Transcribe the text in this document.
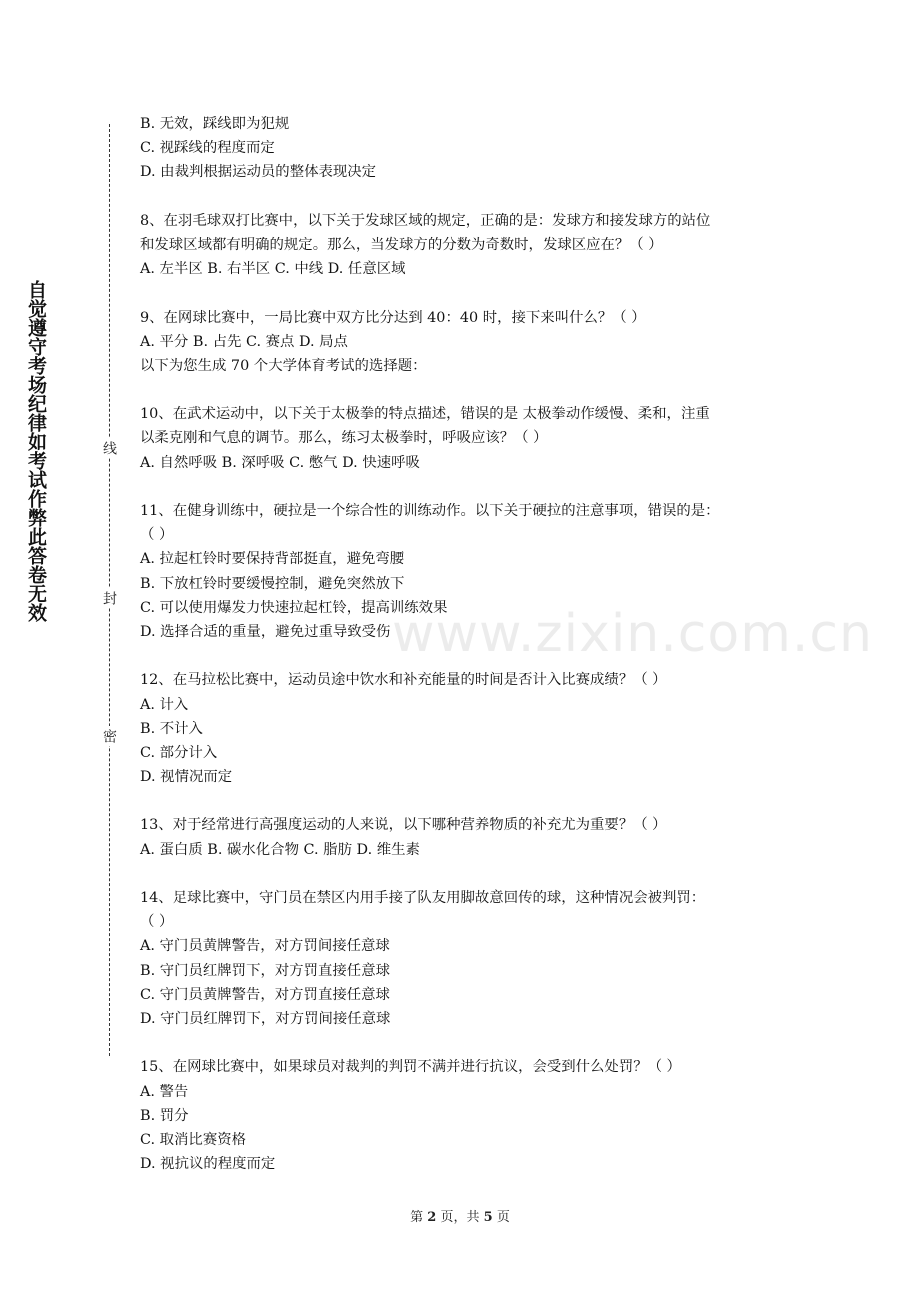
自觉遵守考场纪律如考试作弊此答卷无效	线
封
密
www.zixin.com.cn
B. 无效，踩线即为犯规
C. 视踩线的程度而定
D. 由裁判根据运动员的整体表现决定
8、在羽毛球双打比赛中，以下关于发球区域的规定，正确的是：发球方和接发球方的站位
和发球区域都有明确的规定。那么，当发球方的分数为奇数时，发球区应在？（ ）
A. 左半区 B. 右半区 C. 中线 D. 任意区域
9、在网球比赛中，一局比赛中双方比分达到 40：40 时，接下来叫什么？（ ）
A. 平分 B. 占先 C. 赛点 D. 局点
以下为您生成 70 个大学体育考试的选择题：
10、在武术运动中，以下关于太极拳的特点描述，错误的是 太极拳动作缓慢、柔和，注重
以柔克刚和气息的调节。那么，练习太极拳时，呼吸应该？（ ）
A. 自然呼吸 B. 深呼吸 C. 憋气 D. 快速呼吸
11、在健身训练中，硬拉是一个综合性的训练动作。以下关于硬拉的注意事项，错误的是：
（ ）
A. 拉起杠铃时要保持背部挺直，避免弯腰
B. 下放杠铃时要缓慢控制，避免突然放下
C. 可以使用爆发力快速拉起杠铃，提高训练效果
D. 选择合适的重量，避免过重导致受伤
12、在马拉松比赛中，运动员途中饮水和补充能量的时间是否计入比赛成绩？（ ）
A. 计入
B. 不计入
C. 部分计入
D. 视情况而定
13、对于经常进行高强度运动的人来说，以下哪种营养物质的补充尤为重要？（ ）
A. 蛋白质 B. 碳水化合物 C. 脂肪 D. 维生素
14、足球比赛中，守门员在禁区内用手接了队友用脚故意回传的球，这种情况会被判罚：
（ ）
A. 守门员黄牌警告，对方罚间接任意球
B. 守门员红牌罚下，对方罚直接任意球
C. 守门员黄牌警告，对方罚直接任意球
D. 守门员红牌罚下，对方罚间接任意球
15、在网球比赛中，如果球员对裁判的判罚不满并进行抗议，会受到什么处罚？（ ）
A. 警告
B. 罚分
C. 取消比赛资格
D. 视抗议的程度而定
第 2 页，共 5 页
